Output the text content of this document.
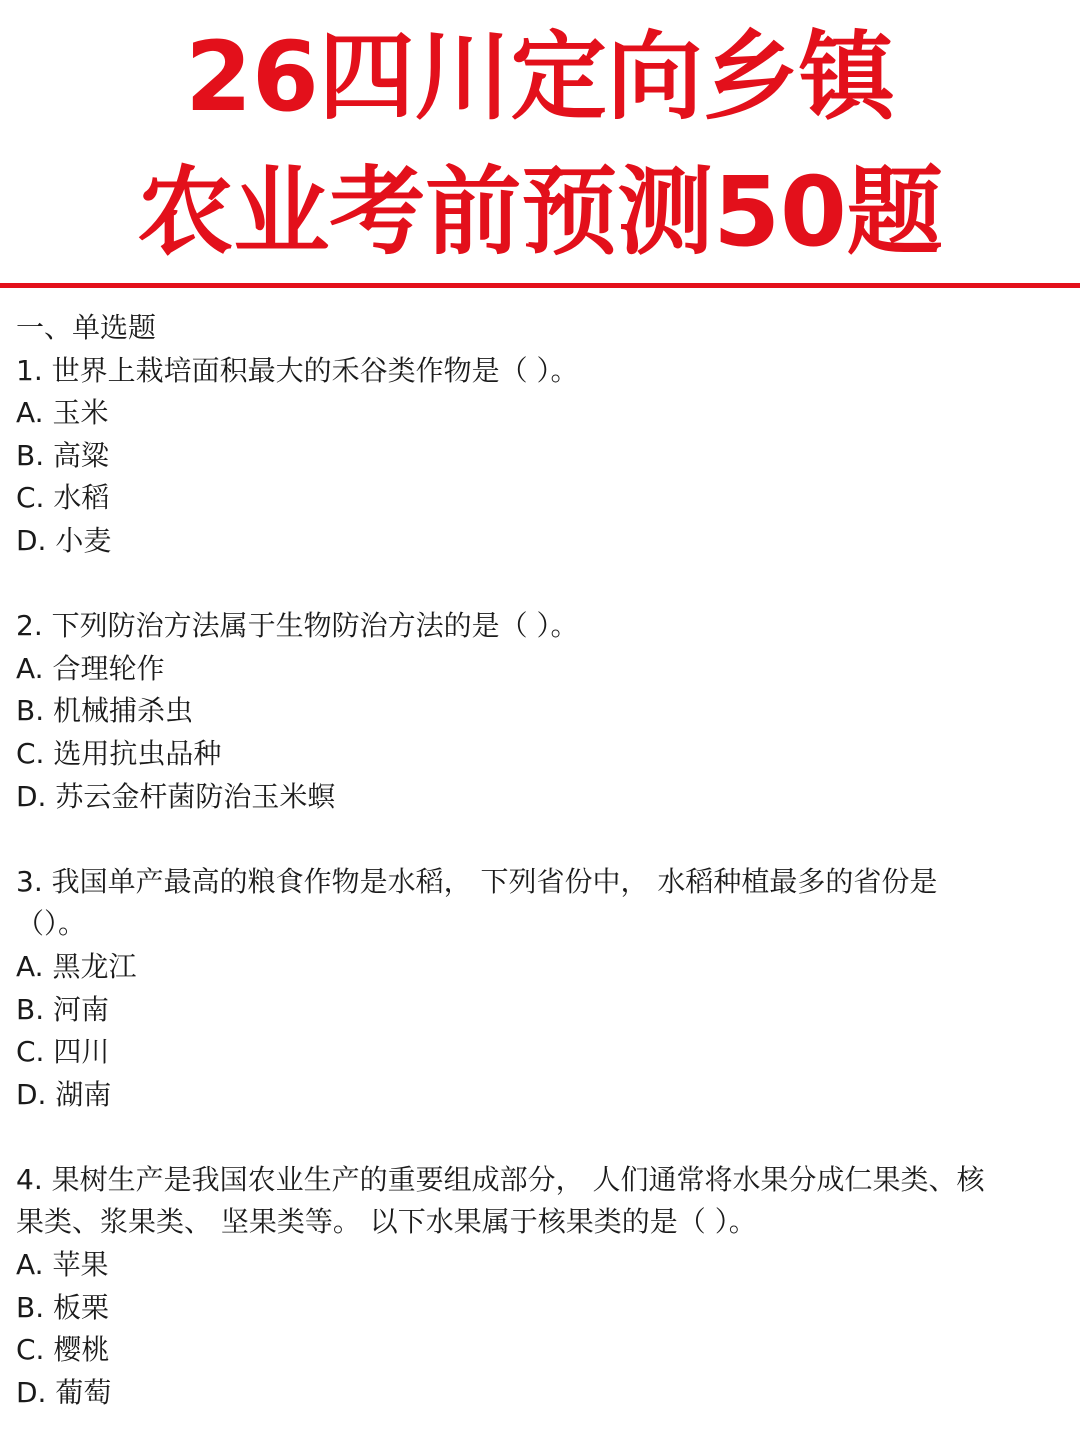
26四川定向乡镇
农业考前预测50题
一、单选题
1. 世界上栽培面积最大的禾谷类作物是（ ）。
A. 玉米
B. 高粱
C. 水稻
D. 小麦
2. 下列防治方法属于生物防治方法的是（ ）。
A. 合理轮作
B. 机械捕杀虫
C. 选用抗虫品种
D. 苏云金杆菌防治玉米螟
3. 我国单产最高的粮食作物是水稻， 下列省份中， 水稻种植最多的省份是
（）。
A. 黑龙江
B. 河南
C. 四川
D. 湖南
4. 果树生产是我国农业生产的重要组成部分， 人们通常将水果分成仁果类、核
果类、浆果类、 坚果类等。 以下水果属于核果类的是（ ）。
A. 苹果
B. 板栗
C. 樱桃
D. 葡萄
